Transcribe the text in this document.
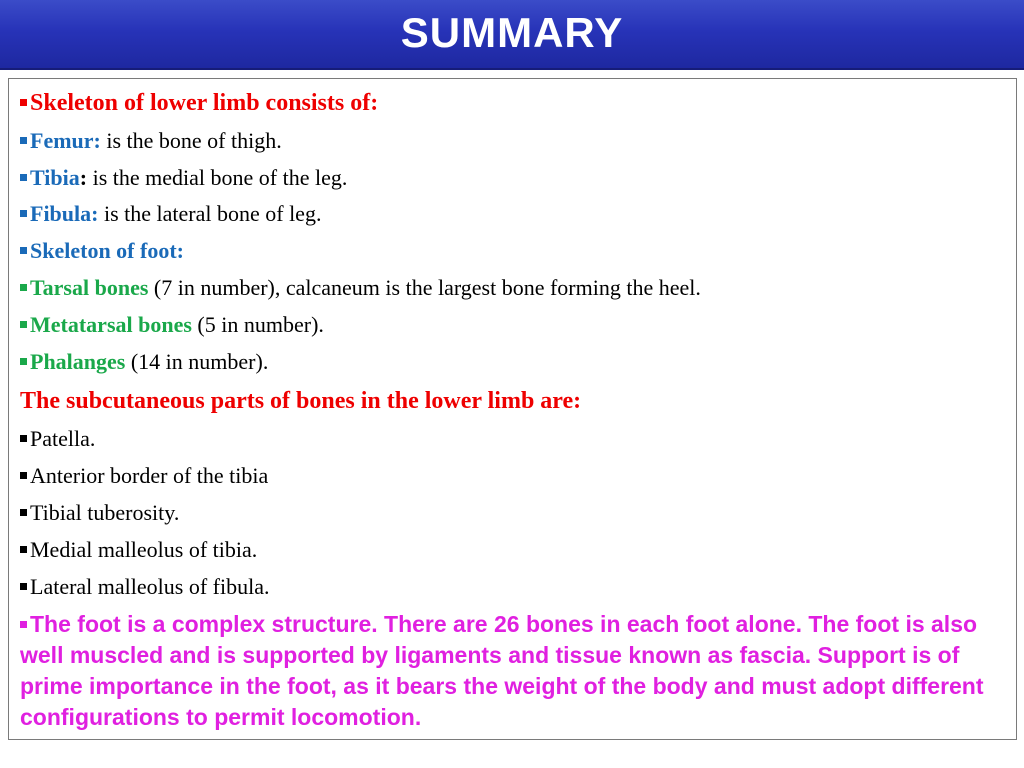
SUMMARY
Skeleton of lower limb consists of:
Femur: is the bone of thigh.
Tibia: is the medial bone of the leg.
Fibula: is the lateral bone of leg.
Skeleton of foot:
Tarsal bones (7 in number), calcaneum is the largest bone forming the heel.
Metatarsal bones (5 in number).
Phalanges (14 in number).
The subcutaneous parts of bones in the lower limb are:
Patella.
Anterior border of the tibia
Tibial tuberosity.
Medial malleolus of tibia.
Lateral malleolus of fibula.
The foot is a complex structure. There are 26 bones in each foot alone. The foot is also well muscled and is supported by ligaments and tissue known as fascia. Support is of prime importance in the foot, as it bears the weight of the body and must adopt different configurations to permit locomotion.
